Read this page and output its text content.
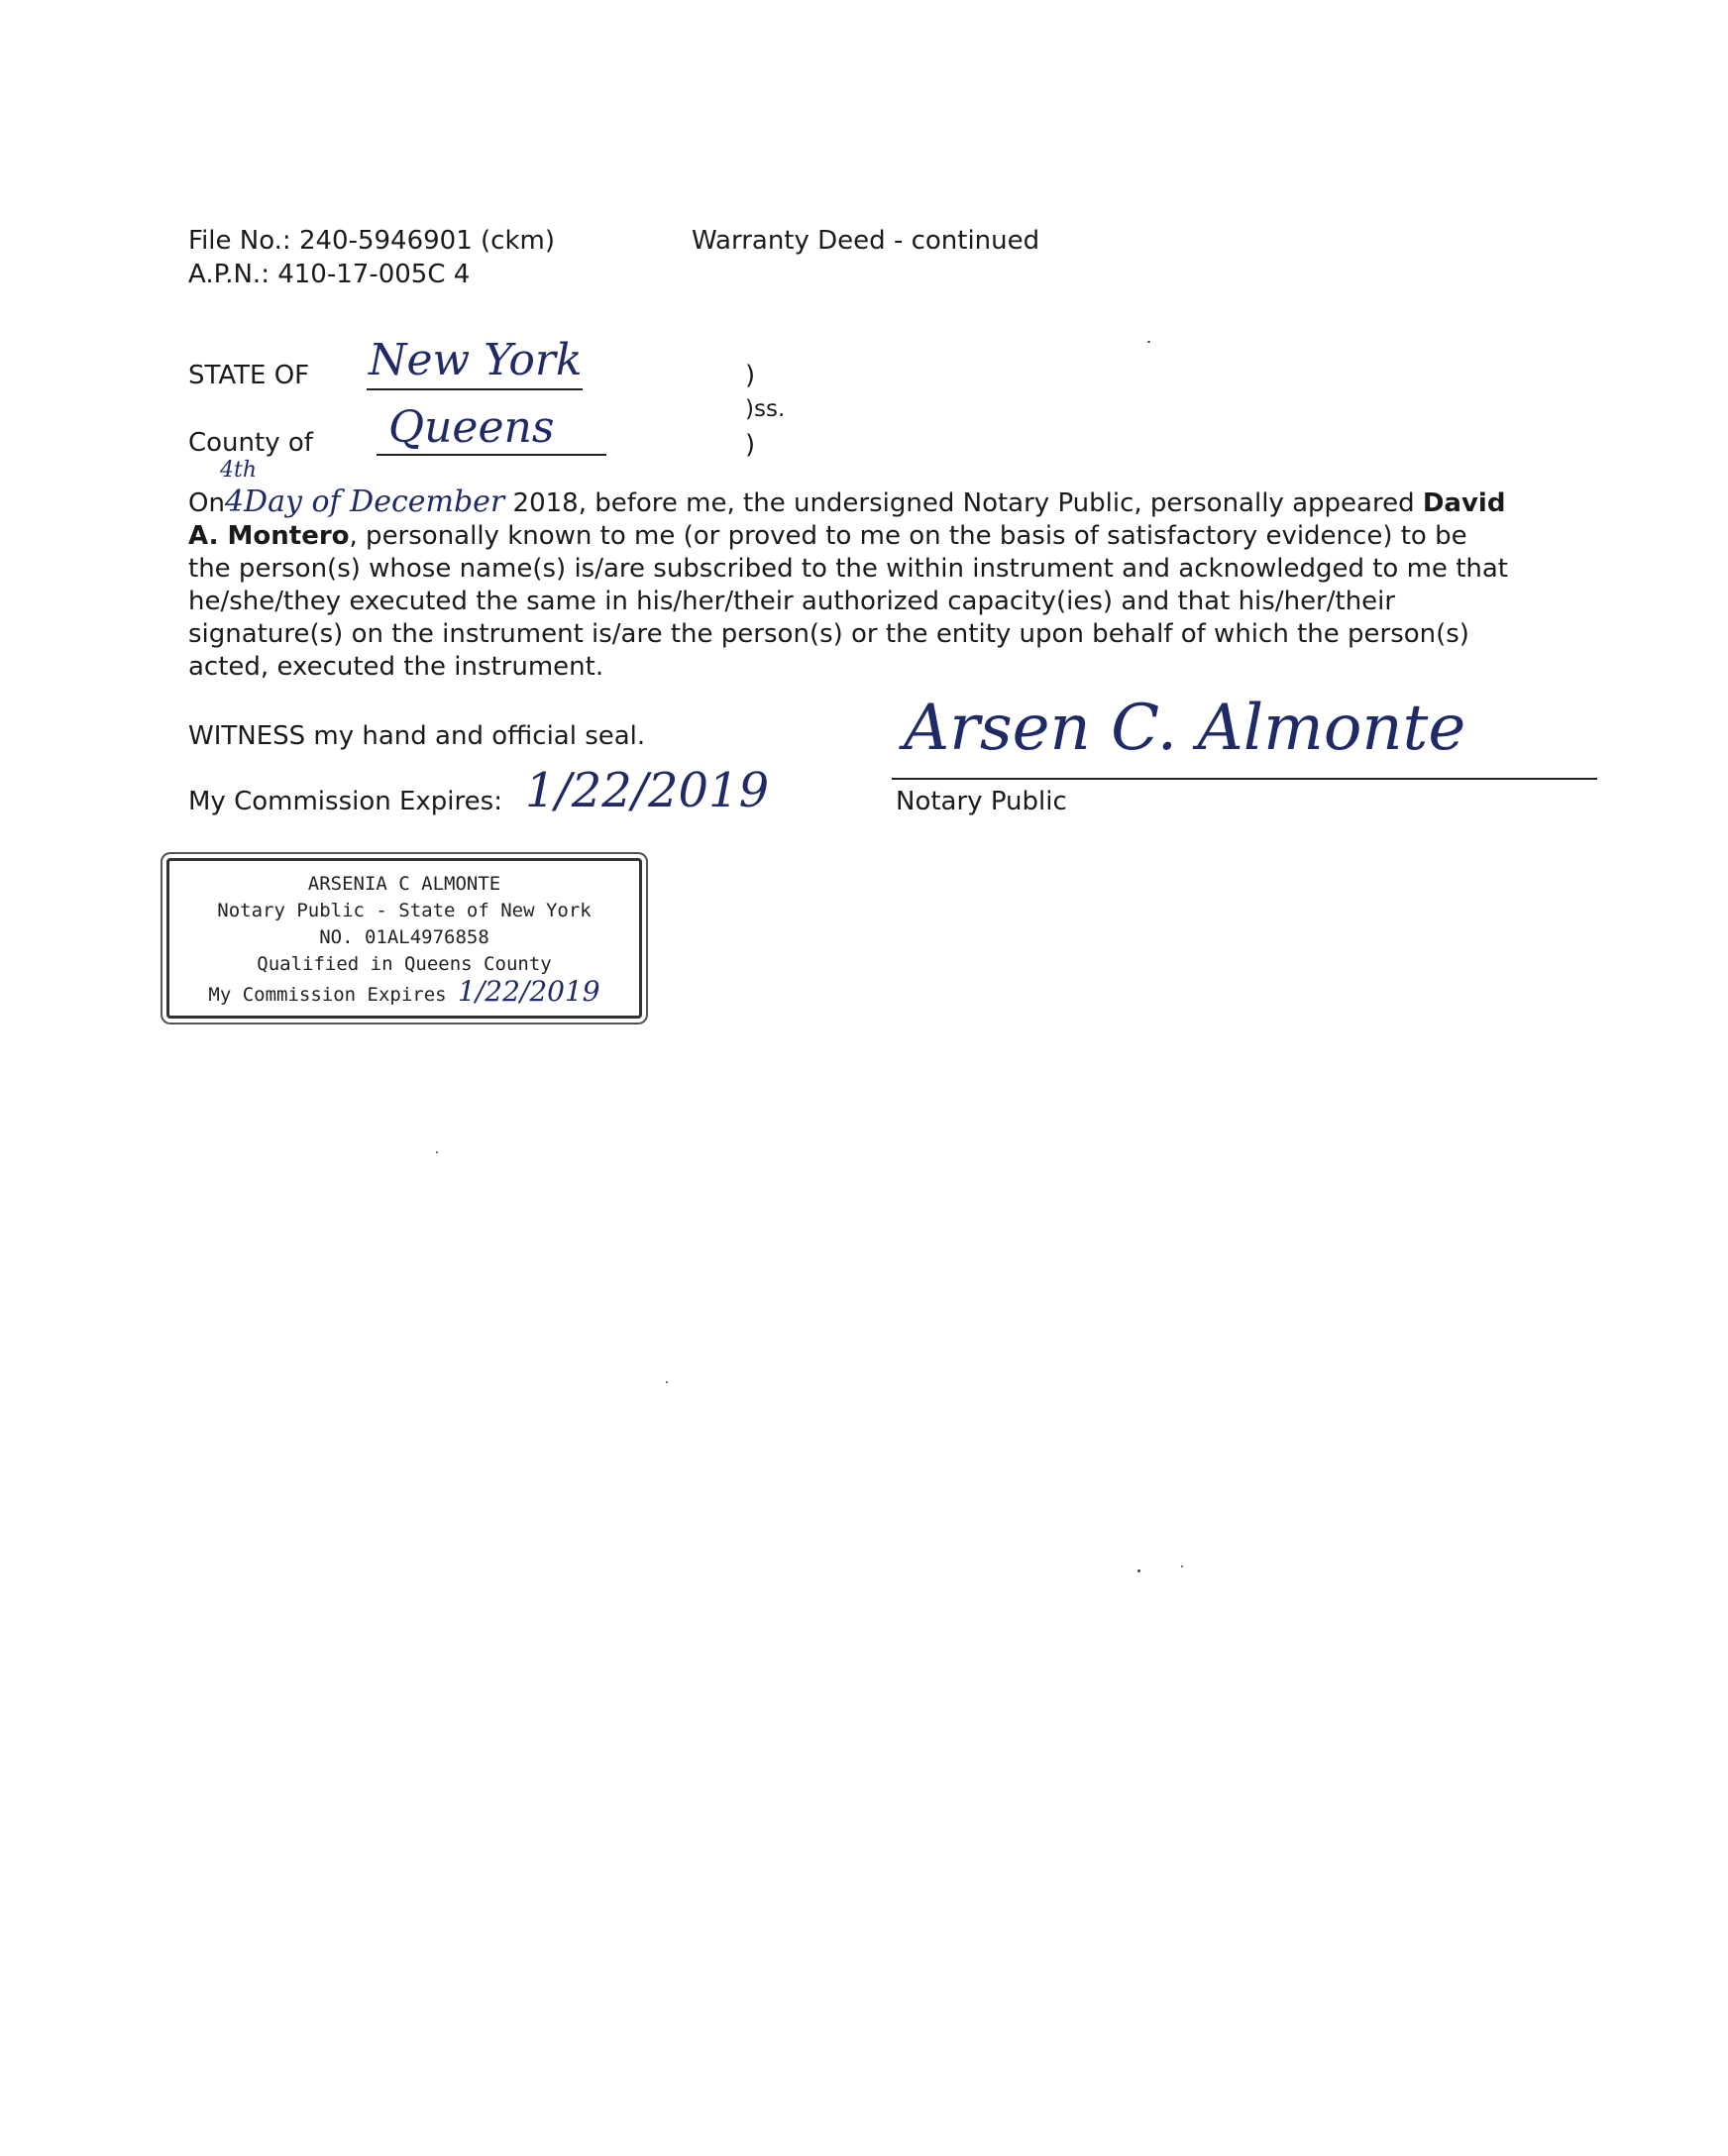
File No.: 240-5946901 (ckm)
A.P.N.: 410-17-005C 4
Warranty Deed - continued
STATE OF New York
County of Queens
)
)ss.
)
4th

On4Day of December 2018, before me, the undersigned Notary Public, personally appeared David A. Montero, personally known to me (or proved to me on the basis of satisfactory evidence) to be the person(s) whose name(s) is/are subscribed to the within instrument and acknowledged to me that he/she/they executed the same in his/her/their authorized capacity(ies) and that his/her/their signature(s) on the instrument is/are the person(s) or the entity upon behalf of which the person(s) acted, executed the instrument.

WITNESS my hand and official seal.
My Commission Expires: 1/22/2019
Arsen C. Almonte
Notary Public
ARSENIA C ALMONTE
Notary Public - State of New York
NO. 01AL4976858
Qualified in Queens County
My Commission Expires 1/22/2019
